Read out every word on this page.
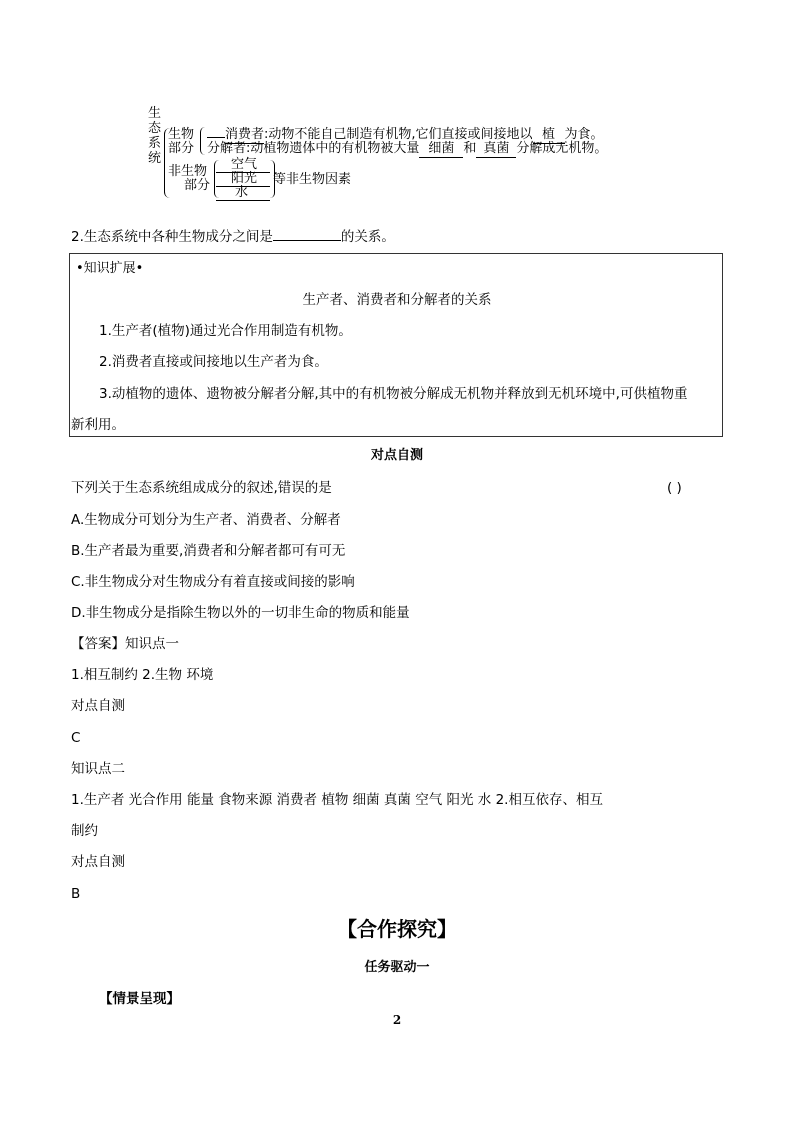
生
态
系
统
生物
部分
消费者:动物不能自己制造有机物,它们直接或间接地以 植 为食。
分解者:动植物遗体中的有机物被大量 细菌 和 真菌 分解成无机物。
非生物
部分
空气
阳光
水
等非生物因素
2.生态系统中各种生物成分之间是	的关系。
•知识扩展•
生产者、消费者和分解者的关系
1.生产者(植物)通过光合作用制造有机物。
2.消费者直接或间接地以生产者为食。
3.动植物的遗体、遗物被分解者分解,其中的有机物被分解成无机物并释放到无机环境中,可供植物重
新利用。
对点自测
下列关于生态系统组成成分的叙述,错误的是	( )
A.生物成分可划分为生产者、消费者、分解者
B.生产者最为重要,消费者和分解者都可有可无
C.非生物成分对生物成分有着直接或间接的影响
D.非生物成分是指除生物以外的一切非生命的物质和能量
【答案】知识点一
1.相互制约 2.生物 环境
对点自测
C
知识点二
1.生产者 光合作用 能量 食物来源 消费者 植物 细菌 真菌 空气 阳光 水 2.相互依存、相互
制约
对点自测
B
【合作探究】
任务驱动一
【情景呈现】
2
